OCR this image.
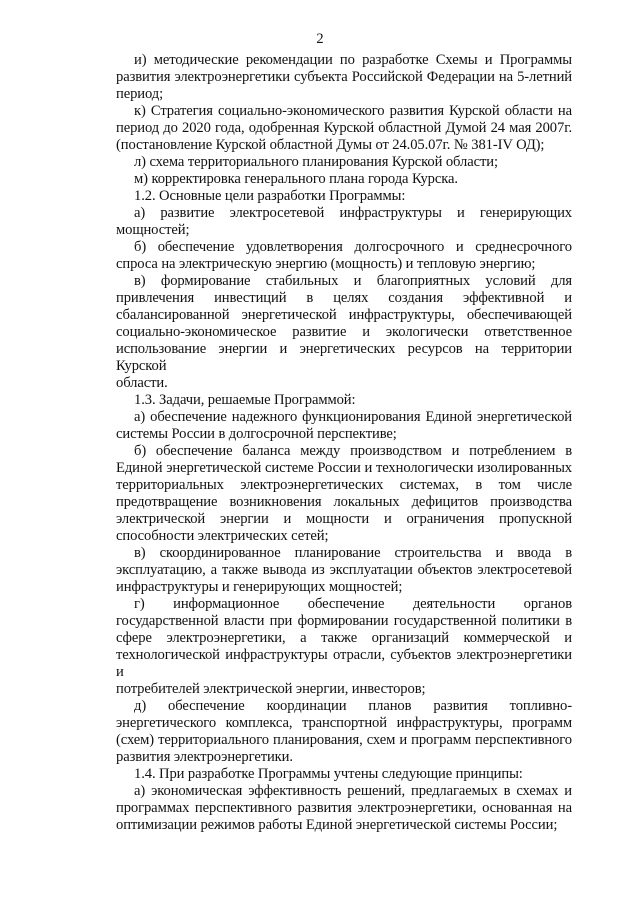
2
и) методические рекомендации по разработке Схемы и Программы
развития электроэнергетики субъекта Российской Федерации на 5-летний
период;
к) Стратегия социально-экономического развития Курской области на
период до 2020 года, одобренная Курской областной Думой 24 мая 2007г.
(постановление Курской областной Думы от 24.05.07г. № 381-IV ОД);
л) схема территориального планирования Курской области;
м) корректировка генерального плана города Курска.
1.2. Основные цели разработки Программы:
а) развитие электросетевой инфраструктуры и генерирующих
мощностей;
б) обеспечение удовлетворения долгосрочного и среднесрочного
спроса на электрическую энергию (мощность) и тепловую энергию;
в) формирование стабильных и благоприятных условий для
привлечения инвестиций в целях создания эффективной и
сбалансированной энергетической инфраструктуры, обеспечивающей
социально-экономическое развитие и экологически ответственное
использование энергии и энергетических ресурсов на территории Курской
области.
1.3. Задачи, решаемые Программой:
а) обеспечение надежного функционирования Единой энергетической
системы России в долгосрочной перспективе;
б) обеспечение баланса между производством и потреблением в
Единой энергетической системе России и технологически изолированных
территориальных электроэнергетических системах, в том числе
предотвращение возникновения локальных дефицитов производства
электрической энергии и мощности и ограничения пропускной
способности электрических сетей;
в) скоординированное планирование строительства и ввода в
эксплуатацию, а также вывода из эксплуатации объектов электросетевой
инфраструктуры и генерирующих мощностей;
г) информационное обеспечение деятельности органов
государственной власти при формировании государственной политики в
сфере электроэнергетики, а также организаций коммерческой и
технологической инфраструктуры отрасли, субъектов электроэнергетики и
потребителей электрической энергии, инвесторов;
д) обеспечение координации планов развития топливно-
энергетического комплекса, транспортной инфраструктуры, программ
(схем) территориального планирования, схем и программ перспективного
развития электроэнергетики.
1.4. При разработке Программы учтены следующие принципы:
а) экономическая эффективность решений, предлагаемых в схемах и
программах перспективного развития электроэнергетики, основанная на
оптимизации режимов работы Единой энергетической системы России;
